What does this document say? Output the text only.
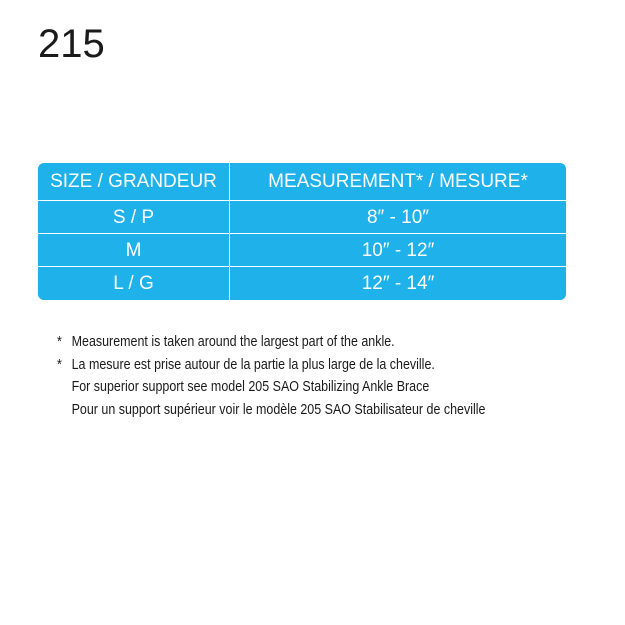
215
SIZE / GRANDEUR	MEASUREMENT* / MESURE*
S / P	8″ - 10″
M	10″ - 12″
L / G	12″ - 14″
* Measurement is taken around the largest part of the ankle.
* La mesure est prise autour de la partie la plus large de la cheville.
For superior support see model 205 SAO Stabilizing Ankle Brace
Pour un support supérieur voir le modèle 205 SAO Stabilisateur de cheville
